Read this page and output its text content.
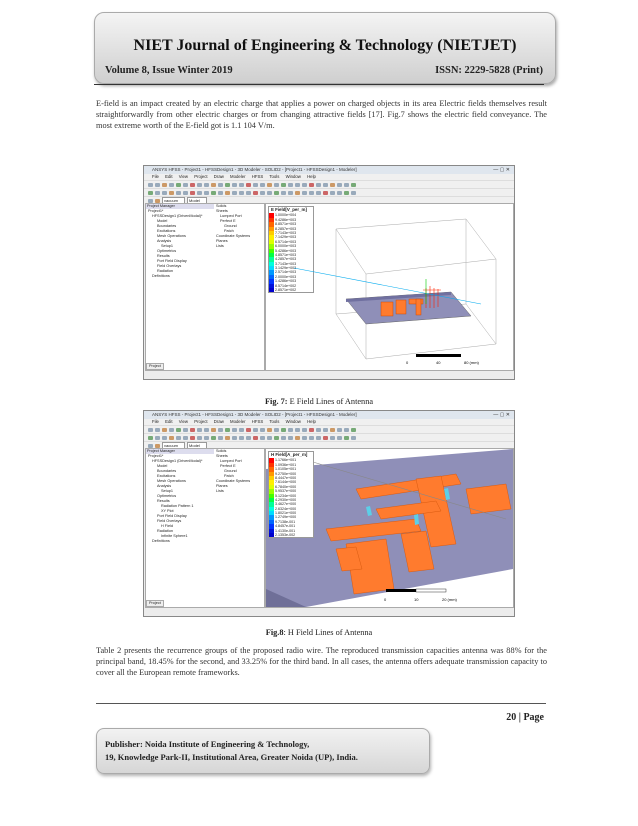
NIET Journal of Engineering & Technology (NIETJET)
Volume 8, Issue Winter 2019	ISSN: 2229-5828 (Print)
E-field is an impact created by an electric charge that applies a power on charged objects in its area Electric fields themselves result straightforwardly from other electric charges or from changing attractive fields [17]. Fig.7 shows the electric field conveyance. The most extreme worth of the E-field got is 1.1 104 V/m.
ANSYS HFSS - Project1 - HFSSDesign1 - 3D Modeler - SOLID2 - [Project1 - HFSSDesign1 - Modeler]	— ▢ ✕
File Edit View Project Draw Modeler HFSS Tools Window Help
vacuum	Model
Project Manager
Project1*
HFSSDesign1 (DrivenModal)*
Model
Boundaries
Excitations
Mesh Operations
Analysis
Setup1
Optimetrics
Results
Port Field Display
Field Overlays
Radiation
Definitions
Project
Solids
Sheets
Lumped Port
Perfect E
Ground
Patch
Coordinate Systems
Planes
Lists
E Field[V_per_m]
1.0000e+004
9.4286e+003
8.8571e+003
8.2857e+003
7.7143e+003
7.1429e+003
6.5714e+003
6.0000e+003
5.4286e+003
4.8571e+003
4.2857e+003
3.7143e+003
3.1429e+003
2.5714e+003
2.0000e+003
1.4286e+003
8.5714e+002
2.8571e+002
0	40	80 (mm)
Fig. 7: E Field Lines of Antenna
ANSYS HFSS - Project1 - HFSSDesign1 - 3D Modeler - SOLID2 - [Project1 - HFSSDesign1 - Modeler]	— ▢ ✕
File Edit View Project Draw Modeler HFSS Tools Window Help
vacuum	Model
Project Manager
Project1*
HFSSDesign1 (DrivenModal)*
Model
Boundaries
Excitations
Mesh Operations
Analysis
Setup1
Optimetrics
Results
Radiation Pattern 1
XY Plot
Port Field Display
Field Overlays
H Field
Radiation
Infinite Sphere1
Definitions
Project
Solids
Sheets
Lumped Port
Perfect E
Ground
Patch
Coordinate Systems
Planes
Lists
0	10	20 (mm)
H Field[A_per_m]
1.1766e+001
1.0936e+001
1.0105e+001
9.2750e+000
8.4447e+000
7.6144e+000
6.7840e+000
5.9537e+000
5.1234e+000
4.2930e+000
3.4627e+000
2.6324e+000
1.8021e+000
1.2749e+000
9.7138e-001
4.8457e-001
1.4130e-001
2.1353e-002
Fig.8: H Field Lines of Antenna
Table 2 presents the recurrence groups of the proposed radio wire. The reproduced transmission capacities antenna was 88% for the principal band, 18.45% for the second, and 33.25% for the third band. In all cases, the antenna offers adequate transmission capacity to cover all the European remote frameworks.
20 | Page
Publisher: Noida Institute of Engineering & Technology,
19, Knowledge Park-II, Institutional Area, Greater Noida (UP), India.
